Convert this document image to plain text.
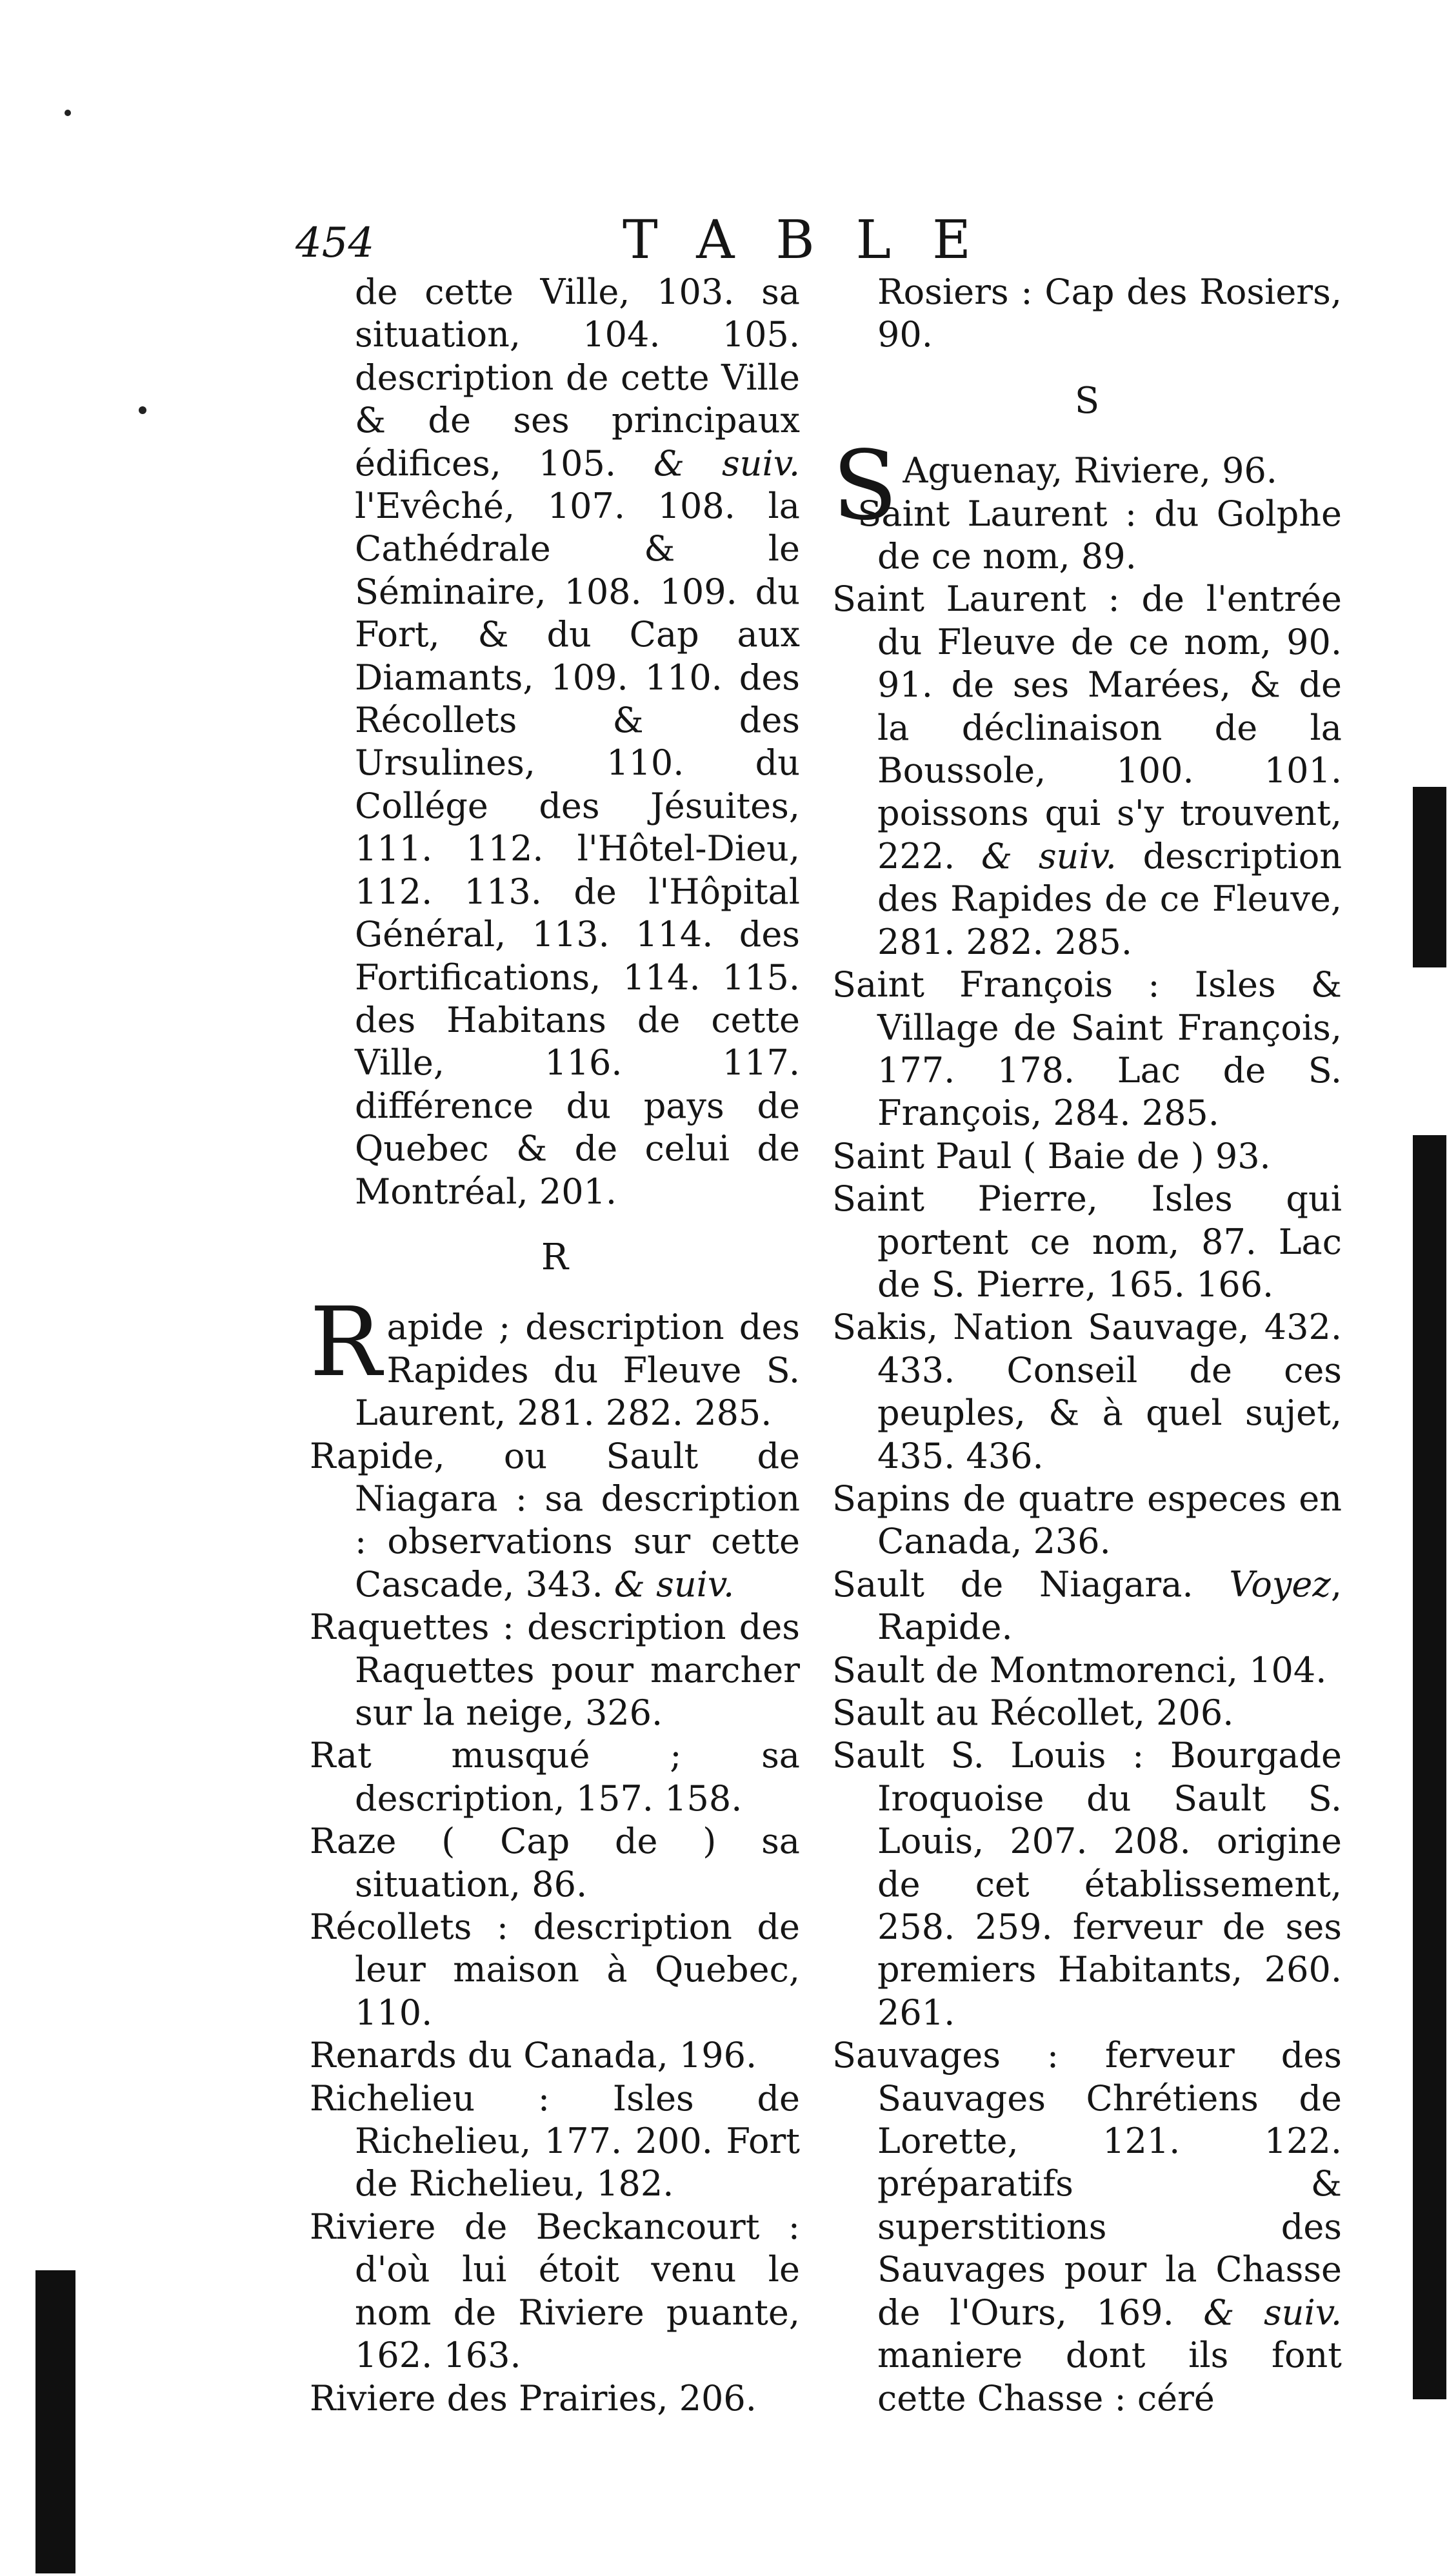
454	TABLE
de cette Ville, 103. sa situation, 104. 105. description de cette Ville & de ses principaux édifices, 105. & suiv. l'Evêché, 107. 108. la Cathédrale & le Séminaire, 108. 109. du Fort, & du Cap aux Diamants, 109. 110. des Récollets & des Ursulines, 110. du Collége des Jésuites, 111. 112. l'Hôtel-Dieu, 112. 113. de l'Hôpital Général, 113. 114. des Fortifications, 114. 115. des Habitans de cette Ville, 116. 117. différence du pays de Quebec & de celui de Montréal, 201.
R
R apide ; description des Rapides du Fleuve S. Laurent, 281. 282. 285.
Rapide, ou Sault de Niagara : sa description : observations sur cette Cascade, 343. & suiv.
Raquettes : description des Raquettes pour marcher sur la neige, 326.
Rat musqué ; sa description, 157. 158.
Raze ( Cap de ) sa situation, 86.
Récollets : description de leur maison à Quebec, 110.
Renards du Canada, 196.
Richelieu : Isles de Richelieu, 177. 200. Fort de Richelieu, 182.
Riviere de Beckancourt : d'où lui étoit venu le nom de Riviere puante, 162. 163.
Riviere des Prairies, 206.
Rosiers : Cap des Rosiers, 90.
S
S Aguenay, Riviere, 96.
Saint Laurent : du Golphe de ce nom, 89.
Saint Laurent : de l'entrée du Fleuve de ce nom, 90. 91. de ses Marées, & de la déclinaison de la Boussole, 100. 101. poissons qui s'y trouvent, 222. & suiv. description des Rapides de ce Fleuve, 281. 282. 285.
Saint François : Isles & Village de Saint François, 177. 178. Lac de S. François, 284. 285.
Saint Paul ( Baie de ) 93.
Saint Pierre, Isles qui portent ce nom, 87. Lac de S. Pierre, 165. 166.
Sakis, Nation Sauvage, 432. 433. Conseil de ces peuples, & à quel sujet, 435. 436.
Sapins de quatre especes en Canada, 236.
Sault de Niagara. Voyez, Rapide.
Sault de Montmorenci, 104.
Sault au Récollet, 206.
Sault S. Louis : Bourgade Iroquoise du Sault S. Louis, 207. 208. origine de cet établissement, 258. 259. ferveur de ses premiers Habitants, 260. 261.
Sauvages : ferveur des Sauvages Chrétiens de Lorette, 121. 122. préparatifs & superstitions des Sauvages pour la Chasse de l'Ours, 169. & suiv. maniere dont ils font cette Chasse : céré
